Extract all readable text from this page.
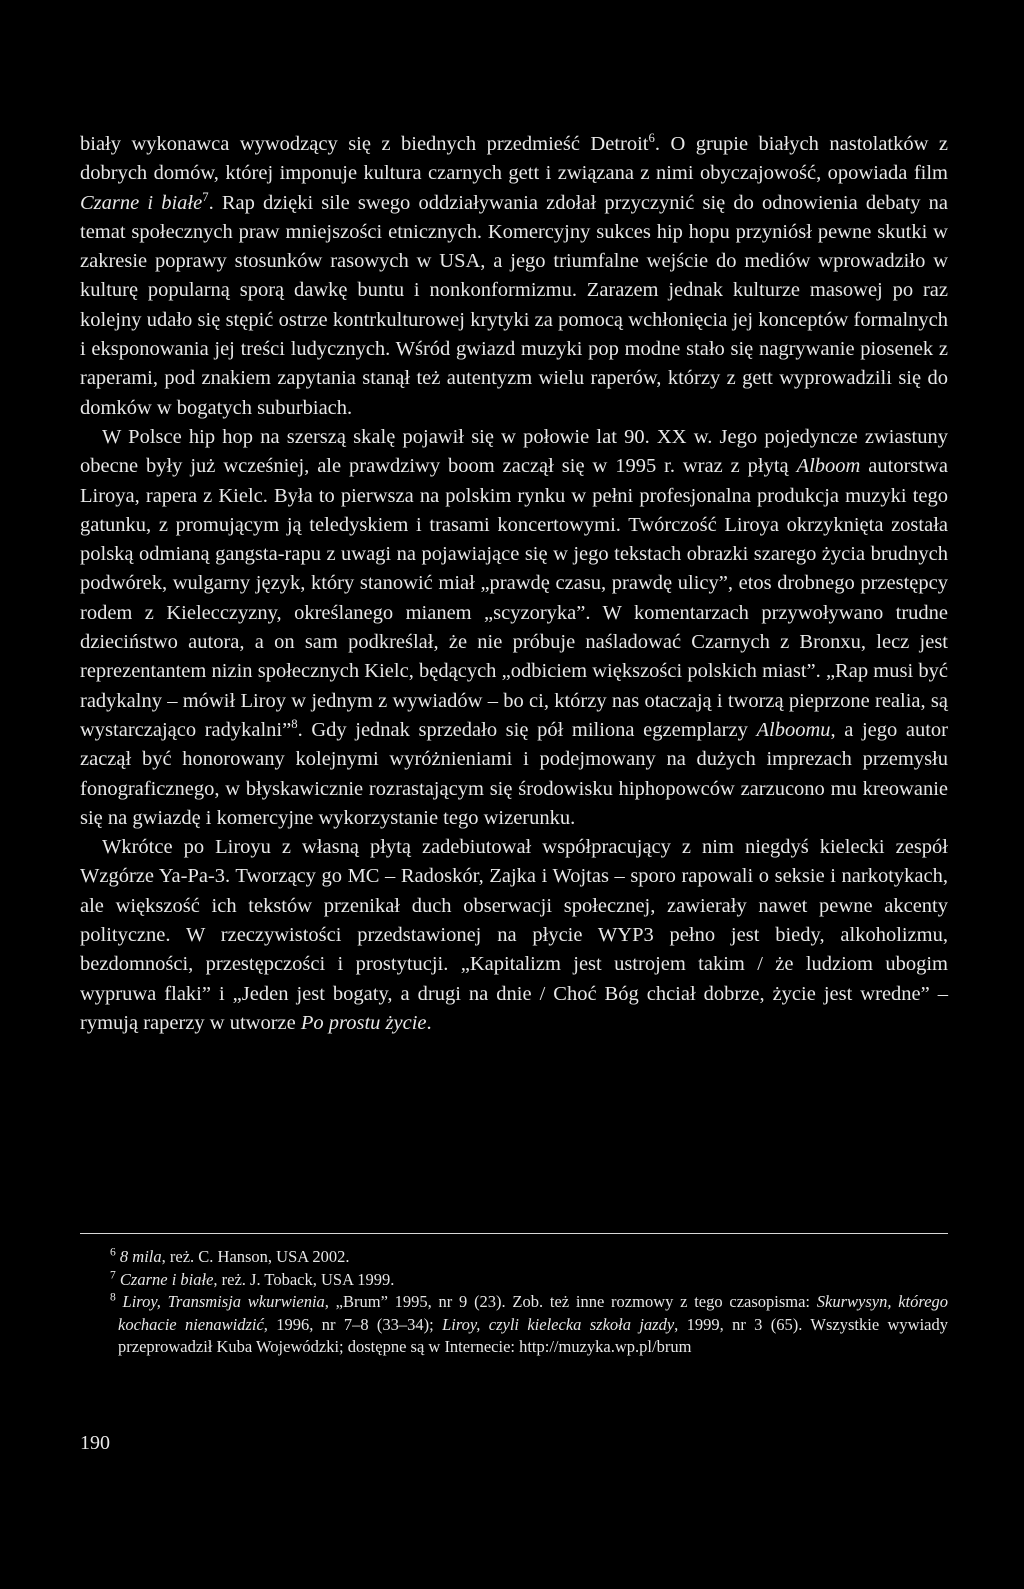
biały wykonawca wywodzący się z biednych przedmieść Detroit$^6$. O grupie białych nastolatków z dobrych domów, której imponuje kultura czarnych gett i związana z nimi obyczajowość, opowiada film Czarne i białe$^7$. Rap dzięki sile swego oddziaływania zdołał przyczynić się do odnowienia debaty na temat społecznych praw mniejszości etnicznych. Komercyjny sukces hip hopu przyniósł pewne skutki w zakresie poprawy stosunków rasowych w USA, a jego triumfalne wejście do mediów wprowadziło w kulturę popularną sporą dawkę buntu i nonkonformizmu. Zarazem jednak kulturze masowej po raz kolejny udało się stępić ostrze kontrkulturowej krytyki za pomocą wchłonięcia jej konceptów formalnych i eksponowania jej treści ludycznych. Wśród gwiazd muzyki pop modne stało się nagrywanie piosenek z raperami, pod znakiem zapytania stanął też autentyzm wielu raperów, którzy z gett wyprowadzili się do domków w bogatych suburbiach.

W Polsce hip hop na szerszą skalę pojawił się w połowie lat 90. XX w. Jego pojedyncze zwiastuny obecne były już wcześniej, ale prawdziwy boom zaczął się w 1995 r. wraz z płytą Alboom autorstwa Liroya, rapera z Kielc. Była to pierwsza na polskim rynku w pełni profesjonalna produkcja muzyki tego gatunku, z promującym ją teledyskiem i trasami koncertowymi. Twórczość Liroya okrzyknięta została polską odmianą gangsta-rapu z uwagi na pojawiające się w jego tekstach obrazki szarego życia brudnych podwórek, wulgarny język, który stanowić miał „prawdę czasu, prawdę ulicy”, etos drobnego przestępcy rodem z Kielecczyzny, określanego mianem „scyzoryka”. W komentarzach przywoływano trudne dzieciństwo autora, a on sam podkreślał, że nie próbuje naśladować Czarnych z Bronxu, lecz jest reprezentantem nizin społecznych Kielc, będących „odbiciem większości polskich miast”. „Rap musi być radykalny – mówił Liroy w jednym z wywiadów – bo ci, którzy nas otaczają i tworzą pieprzone realia, są wystarczająco radykalni”$^8$. Gdy jednak sprzedało się pół miliona egzemplarzy Alboomu, a jego autor zaczął być honorowany kolejnymi wyróżnieniami i podejmowany na dużych imprezach przemysłu fonograficznego, w błyskawicznie rozrastającym się środowisku hiphopowców zarzucono mu kreowanie się na gwiazdę i komercyjne wykorzystanie tego wizerunku.

Wkrótce po Liroyu z własną płytą zadebiutował współpracujący z nim niegdyś kielecki zespół Wzgórze Ya-Pa-3. Tworzący go MC – Radoskór, Zajka i Wojtas – sporo rapowali o seksie i narkotykach, ale większość ich tekstów przenikał duch obserwacji społecznej, zawierały nawet pewne akcenty polityczne. W rzeczywistości przedstawionej na płycie WYP3 pełno jest biedy, alkoholizmu, bezdomności, przestępczości i prostytucji. „Kapitalizm jest ustrojem takim / że ludziom ubogim wypruwa flaki” i „Jeden jest bogaty, a drugi na dnie / Choć Bóg chciał dobrze, życie jest wredne” – rymują raperzy w utworze Po prostu życie.

$^6$ 8 mila, reż. C. Hanson, USA 2002.

$^7$ Czarne i białe, reż. J. Toback, USA 1999.

$^8$ Liroy, Transmisja wkurwienia, „Brum” 1995, nr 9 (23). Zob. też inne rozmowy z tego czasopisma: Skurwysyn, którego kochacie nienawidzić, 1996, nr 7–8 (33–34); Liroy, czyli kielecka szkoła jazdy, 1999, nr 3 (65). Wszystkie wywiady przeprowadził Kuba Wojewódzki; dostępne są w Internecie: http://muzyka.wp.pl/brum

190
